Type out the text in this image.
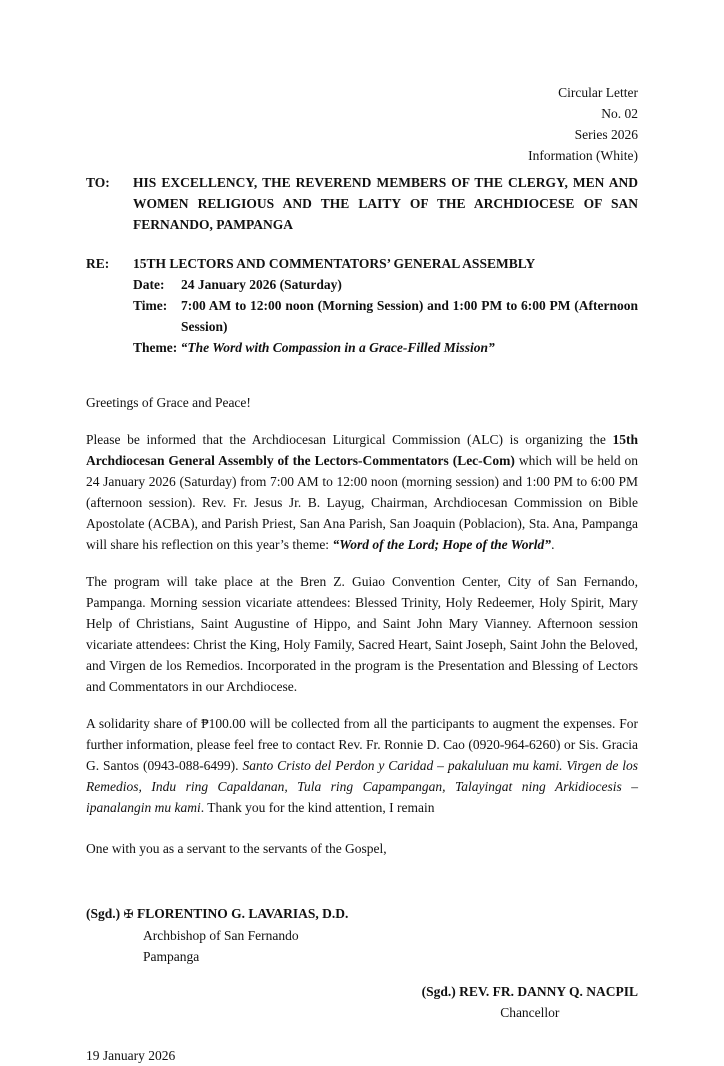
Circular Letter
No. 02
Series 2026
Information (White)
TO:	HIS EXCELLENCY, THE REVEREND MEMBERS OF THE CLERGY, MEN AND WOMEN RELIGIOUS AND THE LAITY OF THE ARCHDIOCESE OF SAN FERNANDO, PAMPANGA
RE:	15TH LECTORS AND COMMENTATORS’ GENERAL ASSEMBLY
Date: 24 January 2026 (Saturday)
Time: 7:00 AM to 12:00 noon (Morning Session) and 1:00 PM to 6:00 PM (Afternoon Session)
Theme: “The Word with Compassion in a Grace-Filled Mission”
Greetings of Grace and Peace!
Please be informed that the Archdiocesan Liturgical Commission (ALC) is organizing the 15th Archdiocesan General Assembly of the Lectors-Commentators (Lec-Com) which will be held on 24 January 2026 (Saturday) from 7:00 AM to 12:00 noon (morning session) and 1:00 PM to 6:00 PM (afternoon session). Rev. Fr. Jesus Jr. B. Layug, Chairman, Archdiocesan Commission on Bible Apostolate (ACBA), and Parish Priest, San Ana Parish, San Joaquin (Poblacion), Sta. Ana, Pampanga will share his reflection on this year’s theme: “Word of the Lord; Hope of the World”.
The program will take place at the Bren Z. Guiao Convention Center, City of San Fernando, Pampanga. Morning session vicariate attendees: Blessed Trinity, Holy Redeemer, Holy Spirit, Mary Help of Christians, Saint Augustine of Hippo, and Saint John Mary Vianney. Afternoon session vicariate attendees: Christ the King, Holy Family, Sacred Heart, Saint Joseph, Saint John the Beloved, and Virgen de los Remedios. Incorporated in the program is the Presentation and Blessing of Lectors and Commentators in our Archdiocese.
A solidarity share of ₱100.00 will be collected from all the participants to augment the expenses. For further information, please feel free to contact Rev. Fr. Ronnie D. Cao (0920-964-6260) or Sis. Gracia G. Santos (0943-088-6499). Santo Cristo del Perdon y Caridad – pakaluluan mu kami. Virgen de los Remedios, Indu ring Capaldanan, Tula ring Capampangan, Talayingat ning Arkidiocesis – ipanalangin mu kami. Thank you for the kind attention, I remain
One with you as a servant to the servants of the Gospel,
(Sgd.) ✠ FLORENTINO G. LAVARIAS, D.D.
Archbishop of San Fernando
Pampanga
(Sgd.) REV. FR. DANNY Q. NACPIL
Chancellor
19 January 2026
